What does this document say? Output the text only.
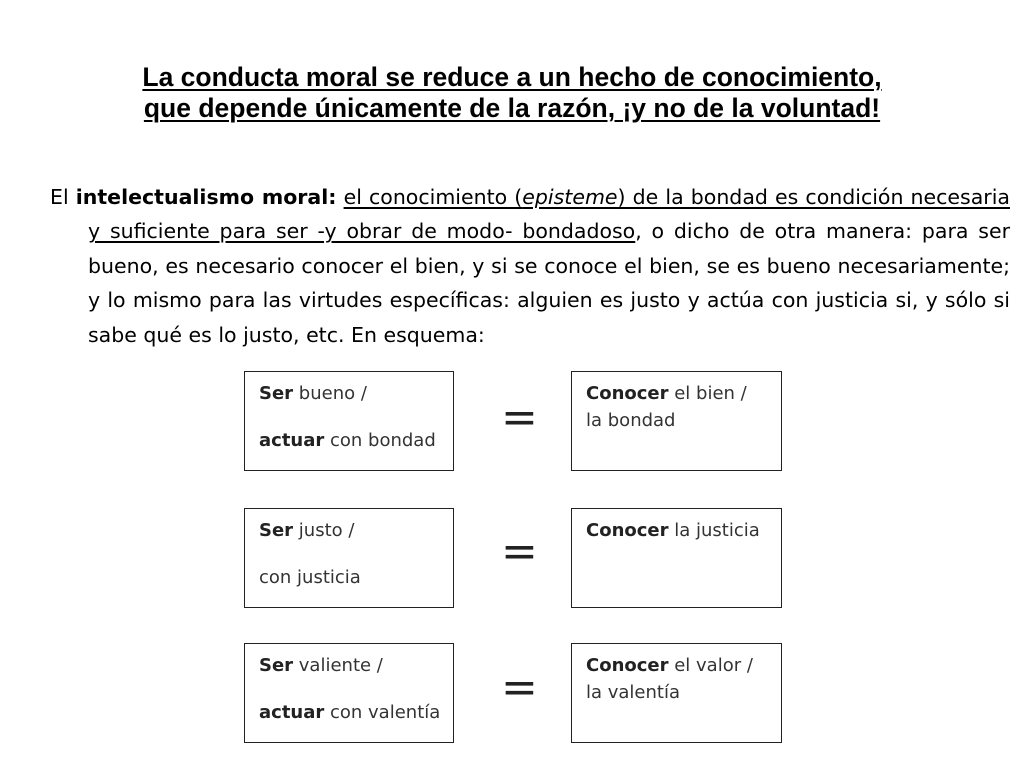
La conducta moral se reduce a un hecho de conocimiento,
que depende únicamente de la razón, ¡y no de la voluntad!

El intelectualismo moral: el conocimiento (episteme) de la bondad es condición necesaria y suficiente para ser -y obrar de modo- bondadoso, o dicho de otra manera: para ser bueno, es necesario conocer el bien, y si se conoce el bien, se es bueno necesariamente; y lo mismo para las virtudes específicas: alguien es justo y actúa con justicia si, y sólo si sabe qué es lo justo, etc. En esquema:

Ser bueno /
actuar con bondad =	Conocer el bien /
la bondad
Ser justo /
con justicia
=	Conocer la justicia
Ser valiente /
actuar con valentía =	Conocer el valor /
la valentía
